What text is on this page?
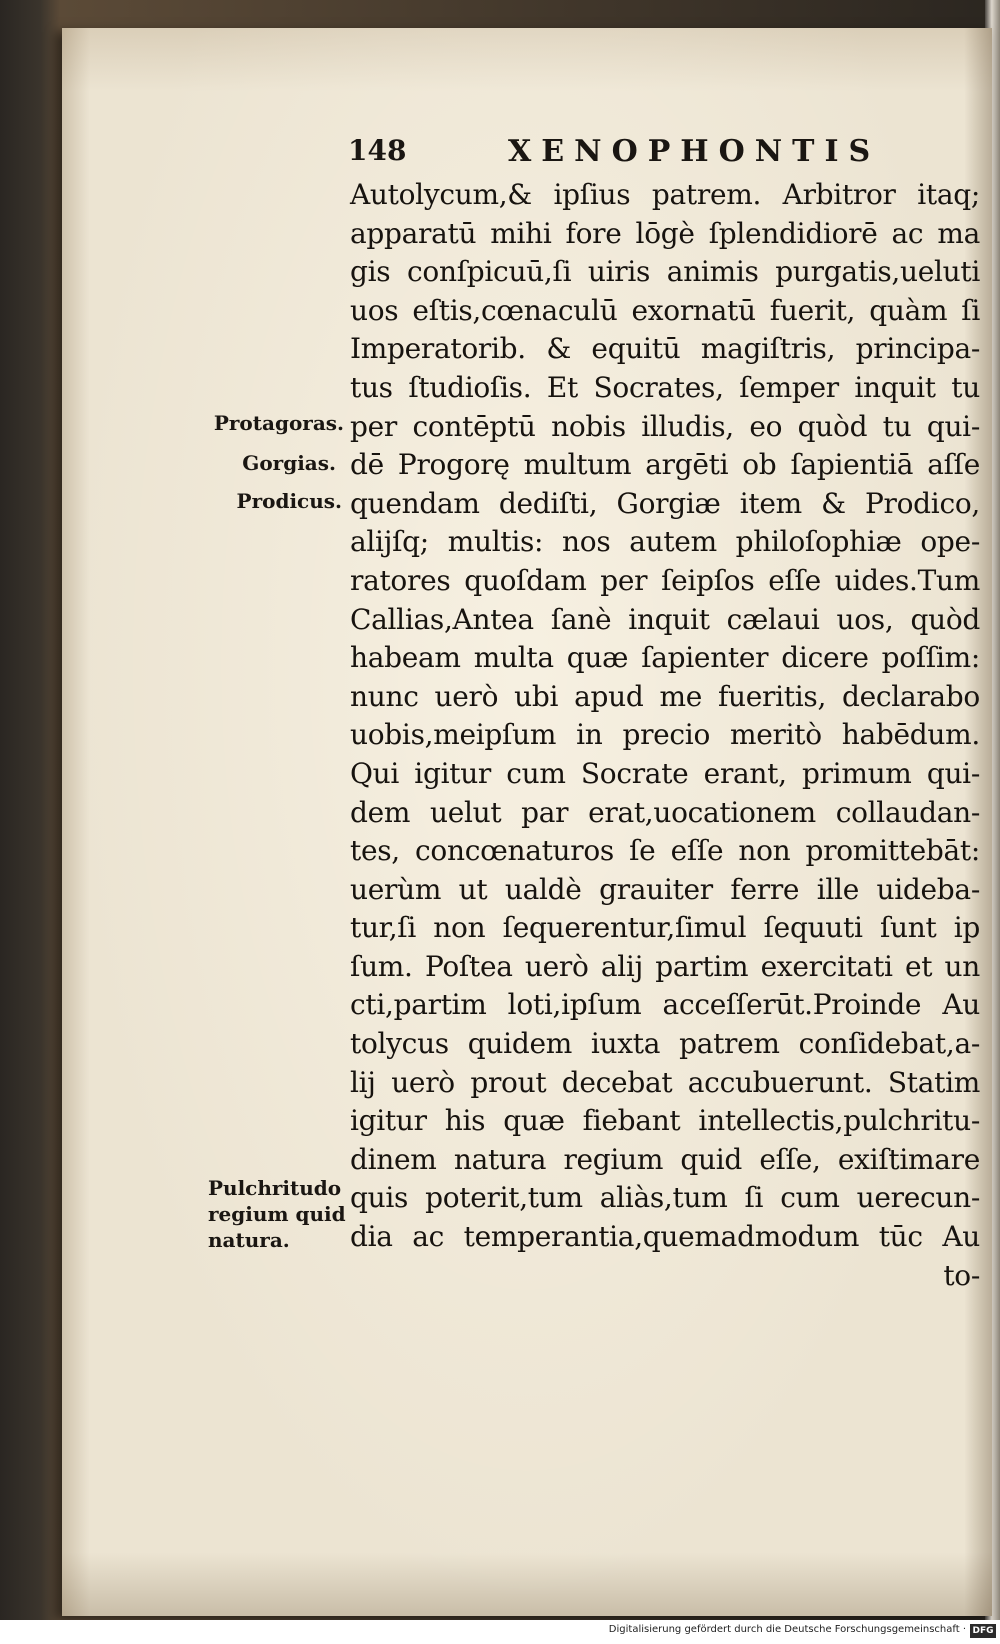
148	XENOPHONTIS
Autolycum,& ipſius patrem. Arbitror itaq;
apparatū mihi fore lōgè ſplendidiorē ac ma
gis conſpicuū,ſi uiris animis purgatis,ueluti
uos eſtis,cœnaculū exornatū fuerit, quàm ſi
Imperatorib. & equitū magiſtris, principa-
tus ſtudioſis. Et Socrates, ſemper inquit tu
per contēptū nobis illudis, eo quòd tu qui-
dē Progorę multum argēti ob ſapientiā aſſe
quendam dediſti, Gorgiæ item & Prodico,
alijſq; multis: nos autem philoſophiæ ope-
ratores quoſdam per ſeipſos eſſe uides.Tum
Callias,Antea ſanè inquit cælaui uos, quòd
habeam multa quæ ſapienter dicere poſſim:
nunc uerò ubi apud me fueritis, declarabo
uobis,meipſum in precio meritò habēdum.
Qui igitur cum Socrate erant, primum qui-
dem uelut par erat,uocationem collaudan-
tes, concœnaturos ſe eſſe non promittebāt:
uerùm ut ualdè grauiter ferre ille uideba-
tur,ſi non ſequerentur,ſimul ſequuti ſunt ip
ſum. Poſtea uerò alij partim exercitati et un
cti,partim loti,ipſum acceſſerūt.Proinde Au
tolycus quidem iuxta patrem conſidebat,a-
lij uerò prout decebat accubuerunt. Statim
igitur his quæ fiebant intellectis,pulchritu-
dinem natura regium quid eſſe, exiſtimare
quis poterit,tum aliàs,tum ſi cum uerecun-
dia ac temperantia,quemadmodum tūc Au
to-
Protagoras.
Gorgias.
Prodicus.
Pulchritudo
regium quid
natura.
Digitalisierung gefördert durch die Deutsche Forschungsgemeinschaft · DFG
